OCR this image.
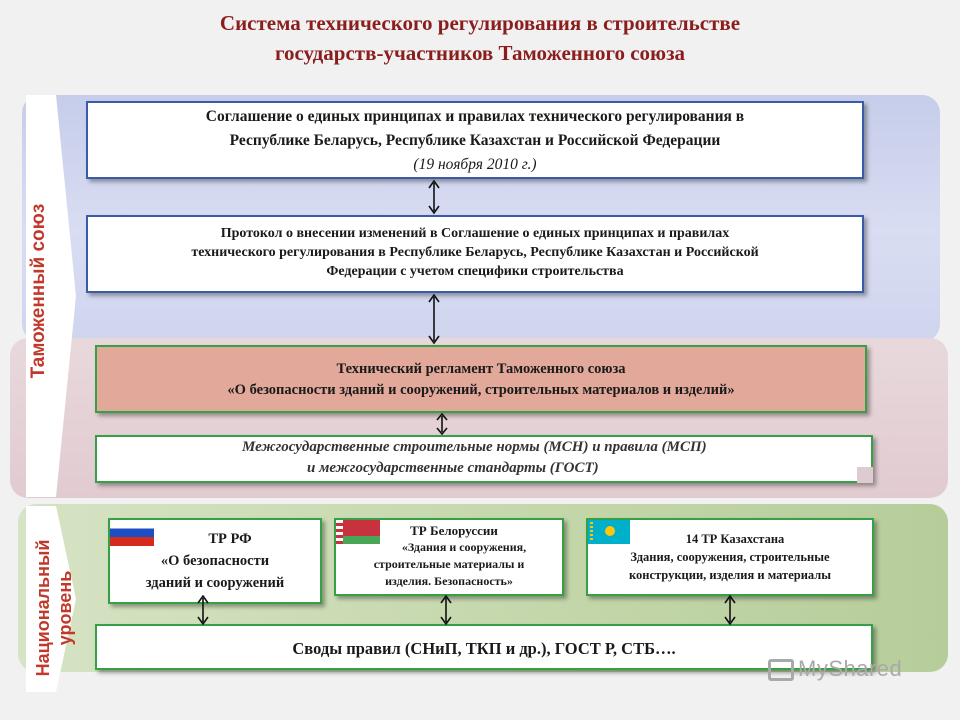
Система технического регулирования в строительстве
государств-участников Таможенного союза
Таможенный союз
Национальный уровень
Соглашение о единых принципах и правилах технического регулирования в
Республике Беларусь, Республике Казахстан и Российской Федерации
(19 ноября 2010 г.)
Протокол о внесении изменений в Соглашение о единых принципах и правилах
технического регулирования в Республике Беларусь, Республике Казахстан и Российской
Федерации с учетом специфики строительства
Технический регламент Таможенного союза
«О безопасности зданий и сооружений, строительных материалов и изделий»
Межгосударственные строительные нормы (МСН) и правила (МСП)
и межгосударственные стандарты (ГОСТ)
ТР РФ
«О безопасности
зданий и сооружений
ТР Белоруссии
«Здания и сооружения,
строительные материалы и
изделия. Безопасность»
14 ТР Казахстана
Здания, сооружения, строительные
конструкции, изделия и материалы
Своды правил (СНиП, ТКП и др.), ГОСТ Р, СТБ….
MyShared
